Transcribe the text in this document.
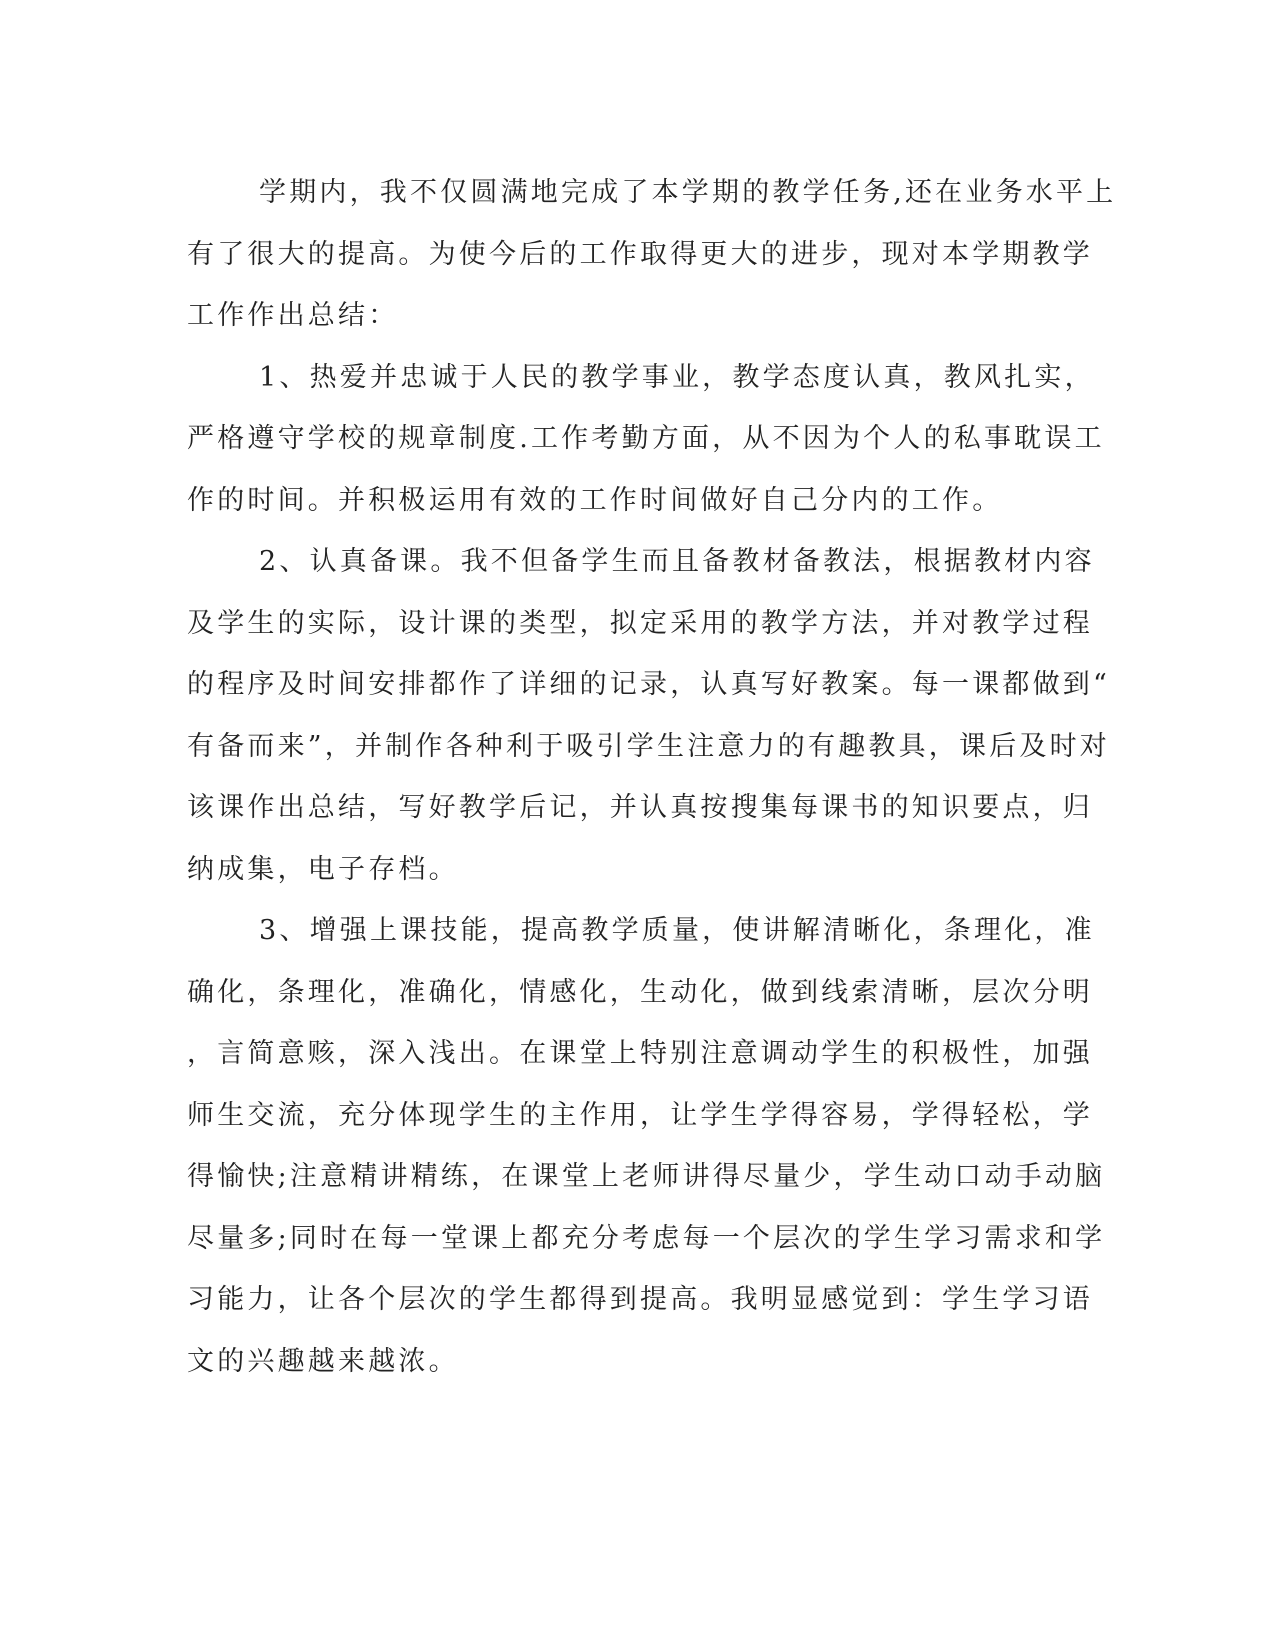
学期内，我不仅圆满地完成了本学期的教学任务,还在业务水平上
有了很大的提高。为使今后的工作取得更大的进步，现对本学期教学
工作作出总结：
1、热爱并忠诚于人民的教学事业，教学态度认真，教风扎实，
严格遵守学校的规章制度.工作考勤方面，从不因为个人的私事耽误工
作的时间。并积极运用有效的工作时间做好自己分内的工作。
2、认真备课。我不但备学生而且备教材备教法，根据教材内容
及学生的实际，设计课的类型，拟定采用的教学方法，并对教学过程
的程序及时间安排都作了详细的记录，认真写好教案。每一课都做到“
有备而来”，并制作各种利于吸引学生注意力的有趣教具，课后及时对
该课作出总结，写好教学后记，并认真按搜集每课书的知识要点，归
纳成集，电子存档。
3、增强上课技能，提高教学质量，使讲解清晰化，条理化，准
确化，条理化，准确化，情感化，生动化，做到线索清晰，层次分明
，言简意赅，深入浅出。在课堂上特别注意调动学生的积极性，加强
师生交流，充分体现学生的主作用，让学生学得容易，学得轻松，学
得愉快;注意精讲精练，在课堂上老师讲得尽量少，学生动口动手动脑
尽量多;同时在每一堂课上都充分考虑每一个层次的学生学习需求和学
习能力，让各个层次的学生都得到提高。我明显感觉到：学生学习语
文的兴趣越来越浓。
